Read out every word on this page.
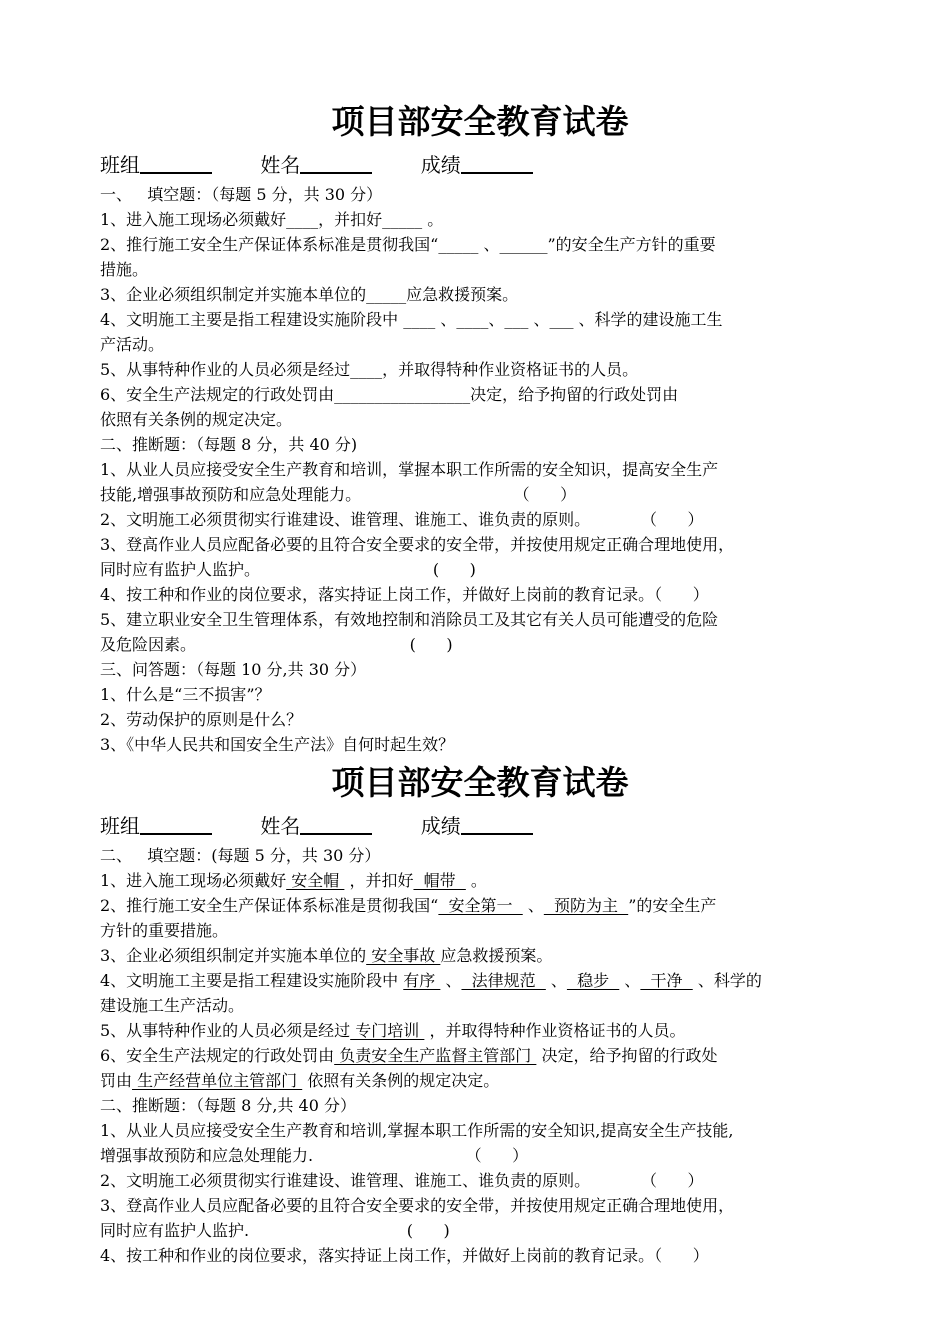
项目部安全教育试卷
班组	姓名	成绩

一、   填空题：（每题 5 分，共 30 分）

1、进入施工现场必须戴好____，并扣好_____ 。

2、推行施工安全生产保证体系标准是贯彻我国“_____ 、______”的安全生产方针的重要

措施。

3、企业必须组织制定并实施本单位的_____应急救援预案。

4、文明施工主要是指工程建设实施阶段中 ____ 、____、___ 、___ 、科学的建设施工生

产活动。

5、从事特种作业的人员必须是经过____，并取得特种作业资格证书的人员。

6、安全生产法规定的行政处罚由_________________决定，给予拘留的行政处罚由

依照有关条例的规定决定。

二、推断题：（每题 8 分，共 40 分)

1、从业人员应接受安全生产教育和培训，掌握本职工作所需的安全知识，提高安全生产

技能,增强事故预防和应急处理能力。                              （      ）

2、文明施工必须贯彻实行谁建设、谁管理、谁施工、谁负责的原则。          （      ）

3、登高作业人员应配备必要的且符合安全要求的安全带，并按使用规定正确合理地使用，

同时应有监护人监护。                                  (      )

4、按工种和作业的岗位要求，落实持证上岗工作，并做好上岗前的教育记录。（      ）

5、建立职业安全卫生管理体系，有效地控制和消除员工及其它有关人员可能遭受的危险

及危险因素。                                          (      )

三、问答题：（每题 10 分,共 30 分）

1、什么是“三不损害”？

2、劳动保护的原则是什么？

3、《中华人民共和国安全生产法》自何时起生效？

项目部安全教育试卷
班组	姓名	成绩

二、   填空题：(每题 5 分，共 30 分）

1、进入施工现场必须戴好 安全帽  ，并扣好  帽带   。

2、推行施工安全生产保证体系标准是贯彻我国“  安全第一   、  预防为主  ”的安全生产

方针的重要措施。

3、企业必须组织制定并实施本单位的 安全事故 应急救援预案。

4、文明施工主要是指工程建设实施阶段中 有序  、  法律规范   、  稳步   、  干净   、科学的

建设施工生产活动。

5、从事特种作业的人员必须是经过 专门培训  ，并取得特种作业资格证书的人员。

6、安全生产法规定的行政处罚由 负责安全生产监督主管部门  决定，给予拘留的行政处

罚由 生产经营单位主管部门  依照有关条例的规定决定。

二、推断题：（每题 8 分,共 40 分）

1、从业人员应接受安全生产教育和培训,掌握本职工作所需的安全知识,提高安全生产技能,

增强事故预防和应急处理能力.                              （      ）

2、文明施工必须贯彻实行谁建设、谁管理、谁施工、谁负责的原则。          （      ）

3、登高作业人员应配备必要的且符合安全要求的安全带，并按使用规定正确合理地使用，

同时应有监护人监护.                               (      )

4、按工种和作业的岗位要求，落实持证上岗工作，并做好上岗前的教育记录。（      ）
